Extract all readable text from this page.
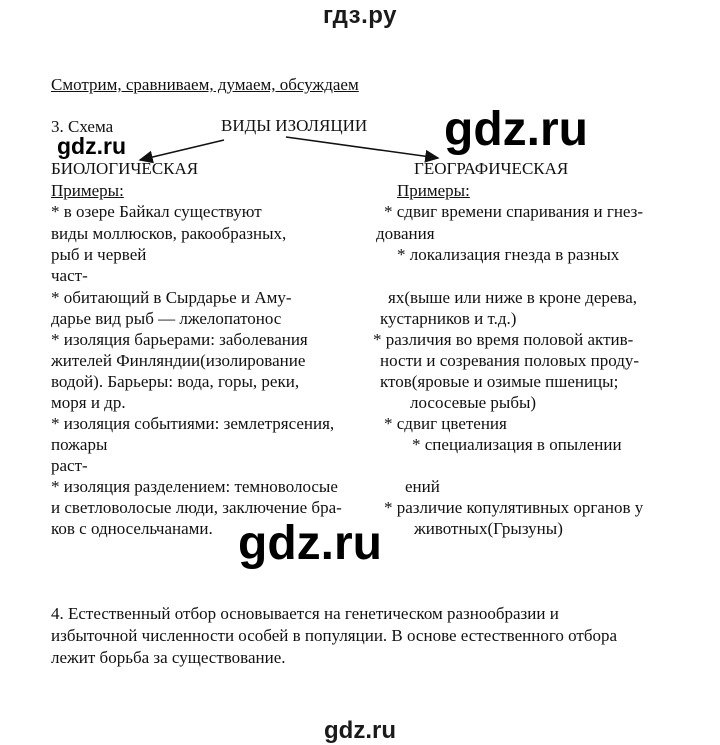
гдз.ру
gdz.ru
Смотрим, сравниваем, думаем, обсуждаем
3. Схема	ВИДЫ ИЗОЛЯЦИИ
БИОЛОГИЧЕСКАЯ	ГЕОГРАФИЧЕСКАЯ
Примеры:	Примеры:
* в озере Байкал существуют
виды моллюсков, ракообразных,
рыб и червей
част-
* обитающий в Сырдарье и Аму-
дарье вид рыб — лжелопатонос
* изоляция барьерами: заболевания
жителей Финляндии(изолирование
водой). Барьеры: вода, горы, реки,
моря и др.
* изоляция событиями: землетрясения,
пожары
раст-
* изоляция разделением: темноволосые
и светловолосые люди, заключение бра-
ков с односельчанами.
* сдвиг времени спаривания и гнез-
дования
* локализация гнезда в разных
ях(выше или ниже в кроне дерева,
кустарников и т.д.)
* различия во время половой актив-
ности и созревания половых проду-
ктов(яровые и озимые пшеницы;
лососевые рыбы)
* сдвиг цветения
* специализация в опылении
ений
* различие копулятивных органов у
животных(Грызуны)
4. Естественный отбор основывается на генетическом разнообразии и
избыточной численности особей в популяции. В основе естественного отбора
лежит борьба за существование.
gdz.ru
gdz.ru
gdz.ru
